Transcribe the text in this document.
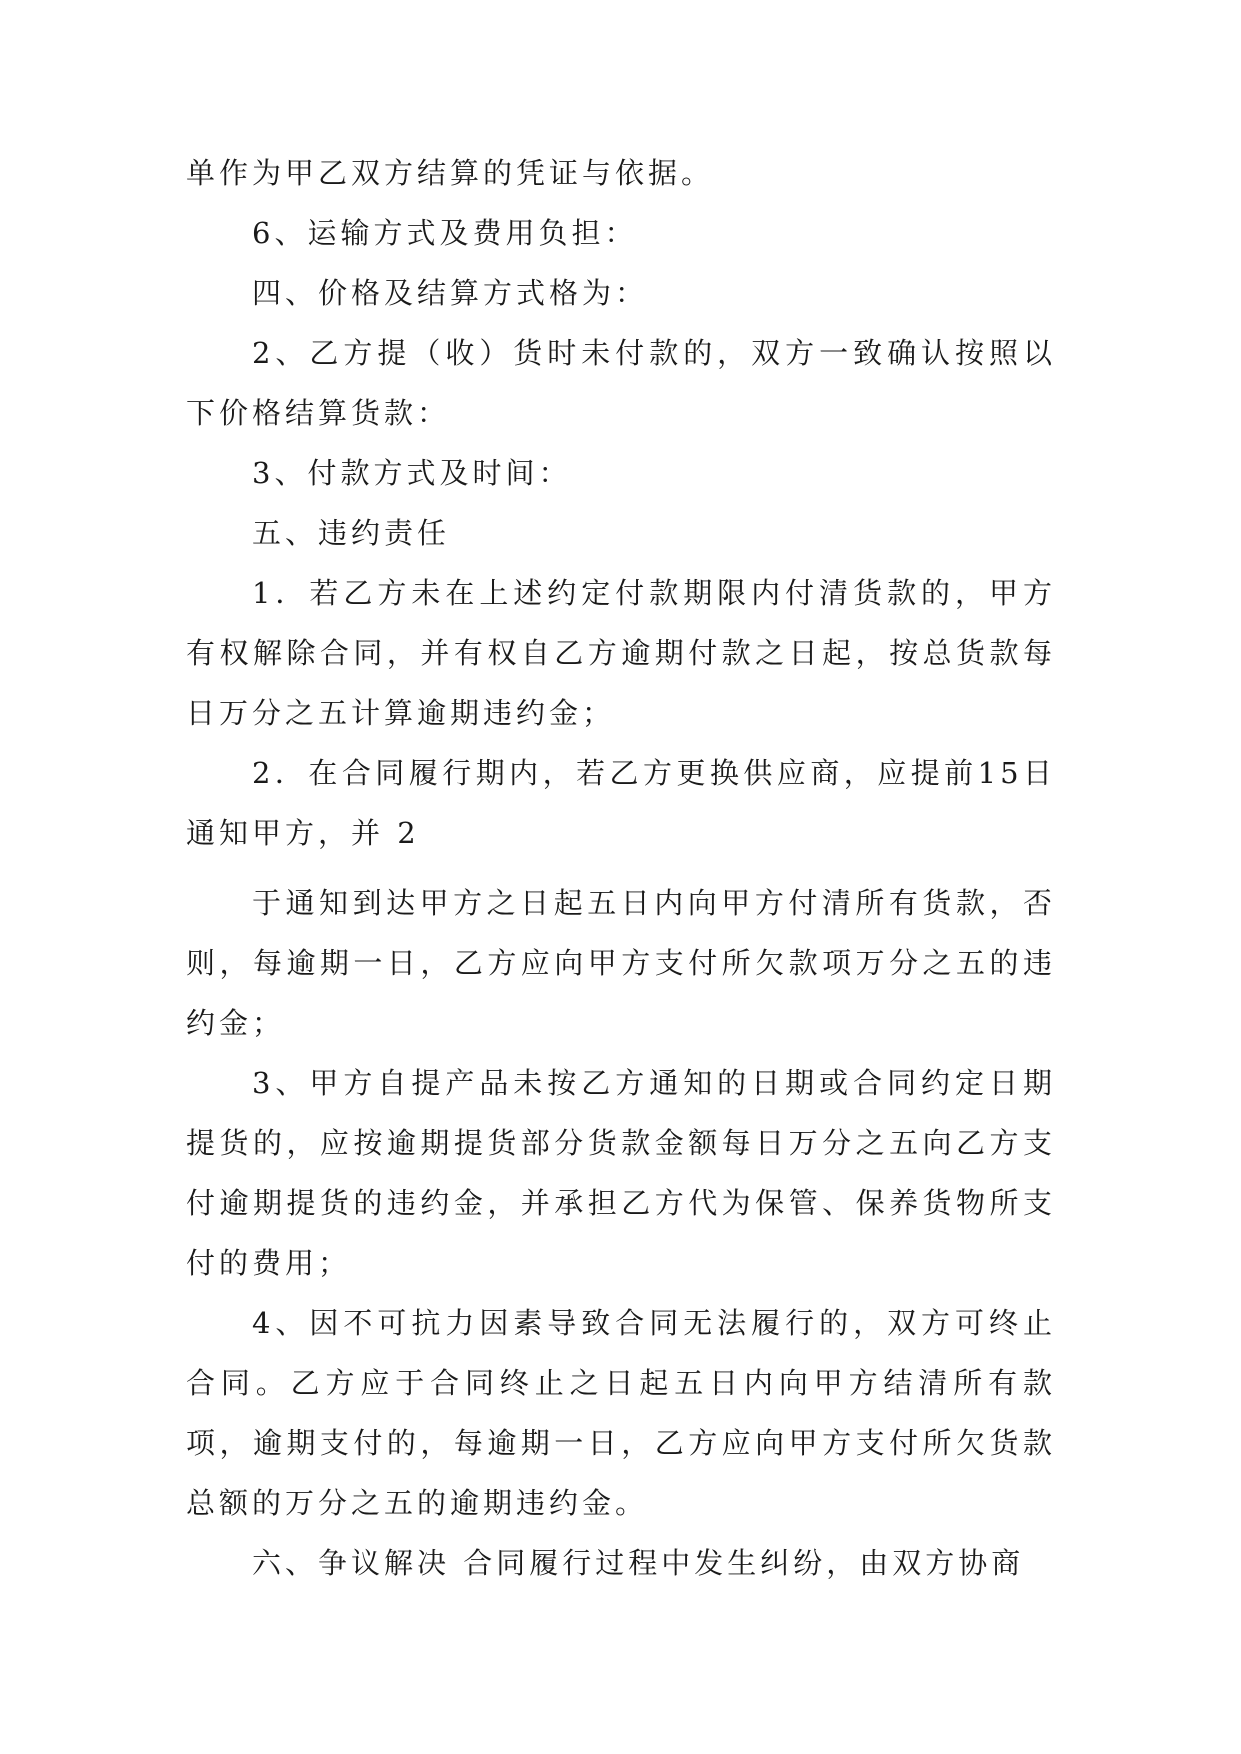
单作为甲乙双方结算的凭证与依据。

6、运输方式及费用负担：

四、价格及结算方式格为：

2、乙方提（收）货时未付款的，双方一致确认按照以下价格结算货款：

3、付款方式及时间：

五、违约责任

1．若乙方未在上述约定付款期限内付清货款的，甲方有权解除合同，并有权自乙方逾期付款之日起，按总货款每日万分之五计算逾期违约金；

2．在合同履行期内，若乙方更换供应商，应提前15日通知甲方，并 2

于通知到达甲方之日起五日内向甲方付清所有货款，否则，每逾期一日，乙方应向甲方支付所欠款项万分之五的违约金；

3、甲方自提产品未按乙方通知的日期或合同约定日期提货的，应按逾期提货部分货款金额每日万分之五向乙方支付逾期提货的违约金，并承担乙方代为保管、保养货物所支付的费用；

4、因不可抗力因素导致合同无法履行的，双方可终止合同。乙方应于合同终止之日起五日内向甲方结清所有款项，逾期支付的，每逾期一日，乙方应向甲方支付所欠货款总额的万分之五的逾期违约金。

六、争议解决 合同履行过程中发生纠纷，由双方协商
